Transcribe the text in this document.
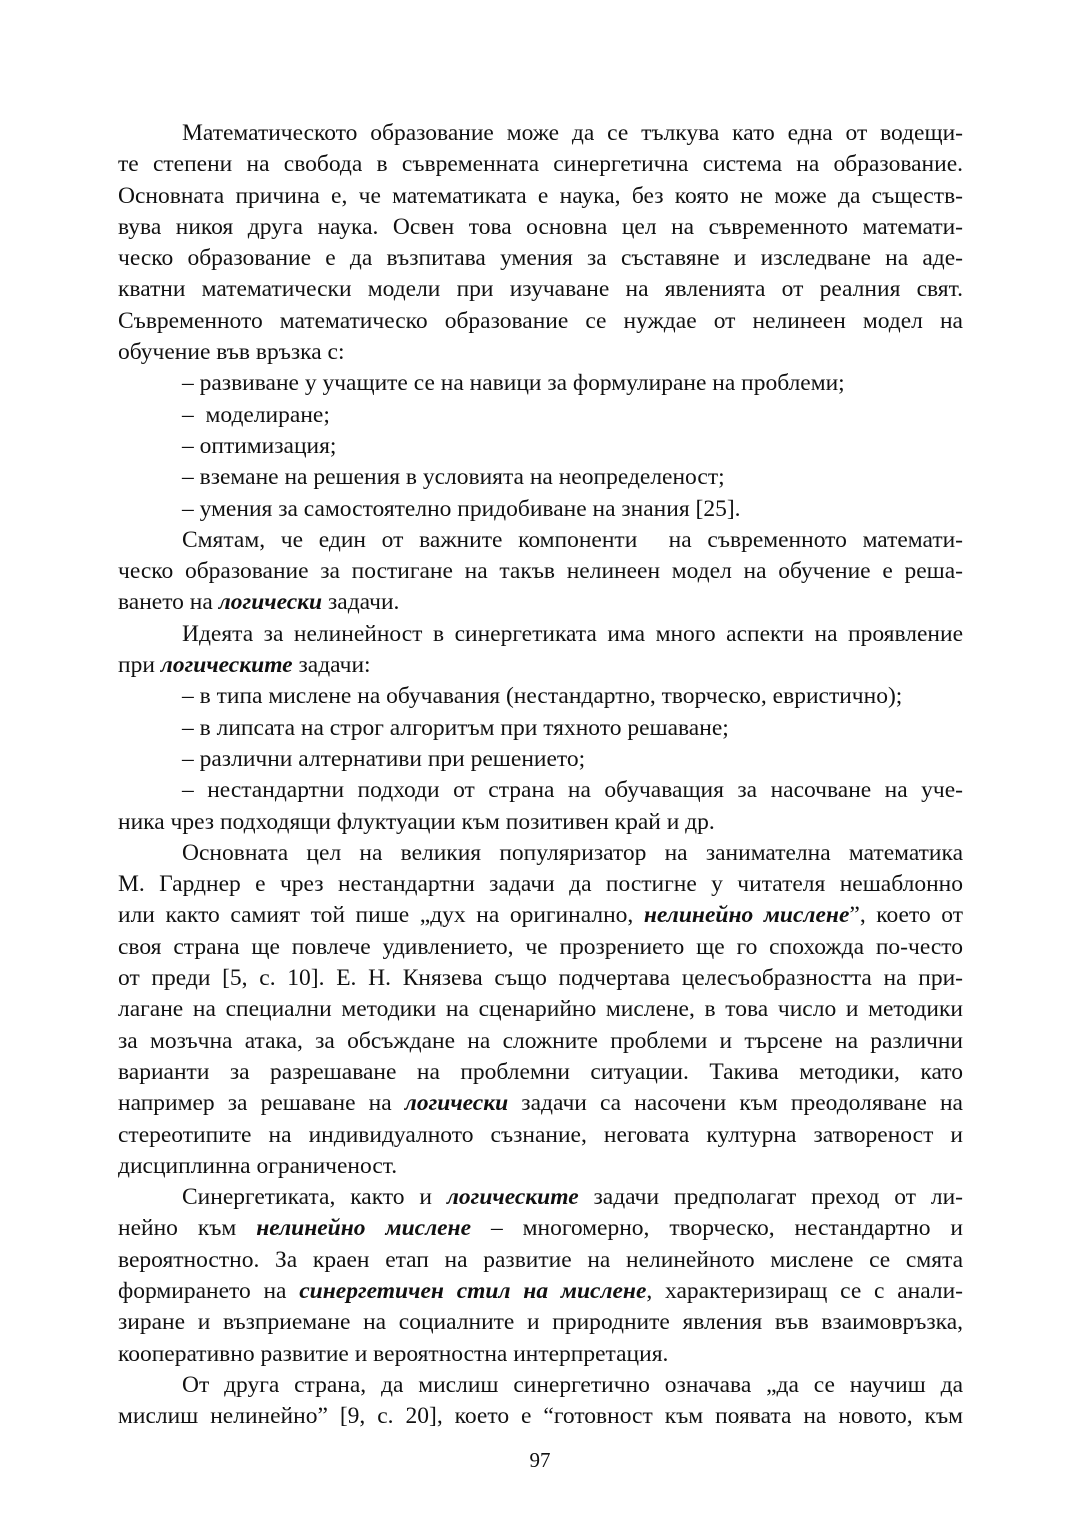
Математическото образование може да се тълкува като една от водещи-
те степени на свобода в съвременната синергетична система на образование.
Основната причина е, че математиката е наука, без която не може да съществ-
вува никоя друга наука. Освен това основна цел на съвременното математи-
ческо образование е да възпитава умения за съставяне и изследване на аде-
кватни математически модели при изучаване на явленията от реалния свят.
Съвременното математическо образование се нуждае от нелинеен модел на
обучение във връзка с:
– развиване у учащите се на навици за формулиране на проблеми;
–  моделиране;
– оптимизация;
– вземане на решения в условията на неопределеност;
– умения за самостоятелно придобиване на знания [25].
Смятам, че един от важните компоненти  на съвременното математи-
ческо образование за постигане на такъв нелинеен модел на обучение е реша-
ването на логически задачи.
Идеята за нелинейност в синергетиката има много аспекти на проявление
при логическите задачи:
– в типа мислене на обучавания (нестандартно, творческо, евристично);
– в липсата на строг алгоритъм при тяхното решаване;
– различни алтернативи при решението;
– нестандартни подходи от страна на обучаващия за насочване на уче-
ника чрез подходящи флуктуации към позитивен край и др.
Основната цел на великия популяризатор на занимателна математика
М. Гарднер е чрез нестандартни задачи да постигне у читателя нешаблонно
или както самият той пише „дух на оригинално, нелинейно мислене”, което от
своя страна ще повлече удивлението, че прозрението ще го спохожда по-често
от преди [5, с. 10]. Е. Н. Князева също подчертава целесъобразността на при-
лагане на специални методики на сценарийно мислене, в това число и методики
за мозъчна атака, за обсъждане на сложните проблеми и търсене на различни
варианти за разрешаване на проблемни ситуации. Такива методики, като
например за решаване на логически задачи са насочени към преодоляване на
стереотипите на индивидуалното съзнание, неговата културна затвореност и
дисциплинна ограниченост.
Синергетиката, както и логическите задачи предполагат преход от ли-
нейно към нелинейно мислене – многомерно, творческо, нестандартно и
вероятностно. За краен етап на развитие на нелинейното мислене се смята
формирането на синергетичен стил на мислене, характеризиращ се с анали-
зиране и възприемане на социалните и природните явления във взаимовръзка,
кооперативно развитие и вероятностна интерпретация.
От друга страна, да мислиш синергетично означава „да се научиш да
мислиш нелинейно” [9, с. 20], което е “готовност към появата на новото, към
97
